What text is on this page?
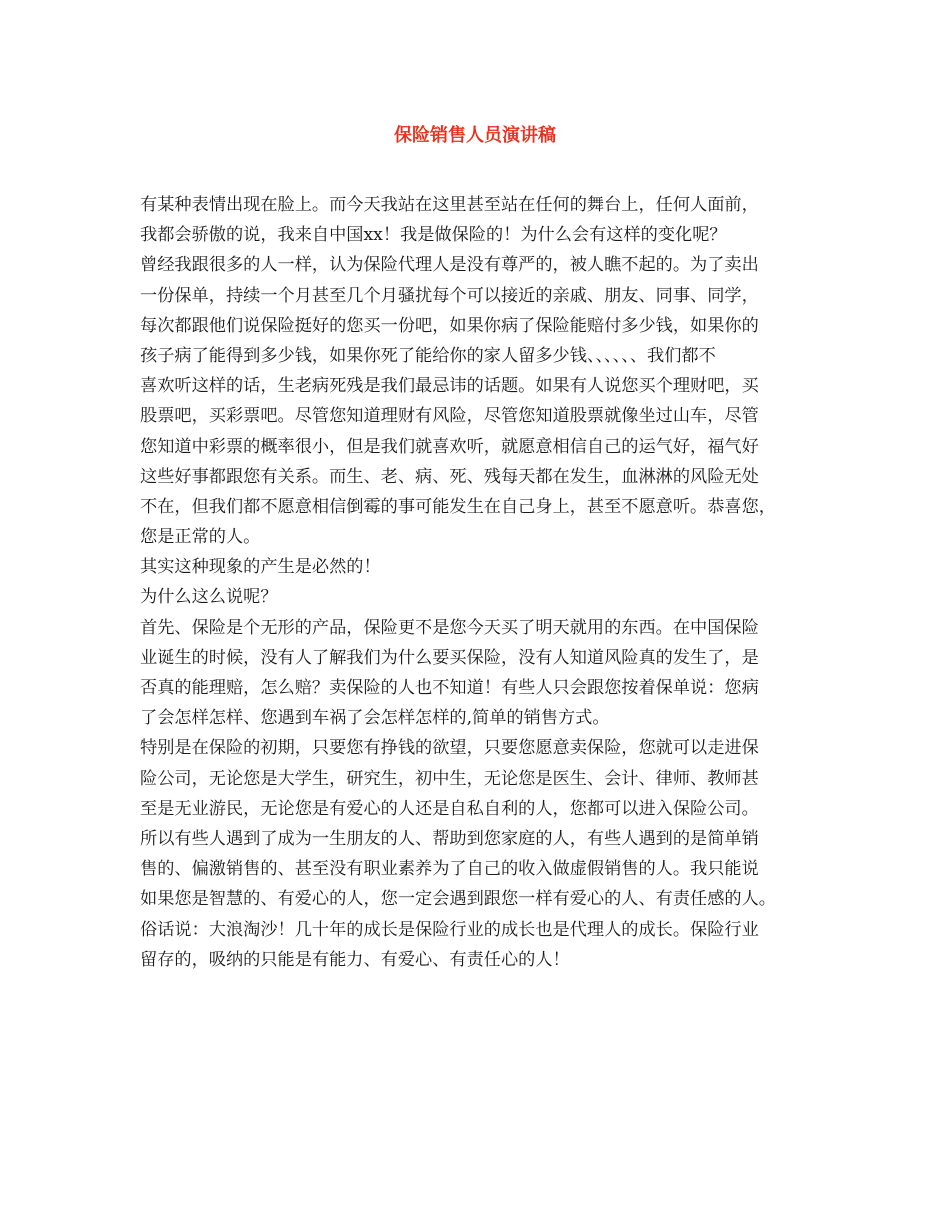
保险销售人员演讲稿
有某种表情出现在脸上。而今天我站在这里甚至站在任何的舞台上，任何人面前，
我都会骄傲的说，我来自中国xx！我是做保险的！为什么会有这样的变化呢？
曾经我跟很多的人一样，认为保险代理人是没有尊严的，被人瞧不起的。为了卖出
一份保单，持续一个月甚至几个月骚扰每个可以接近的亲戚、朋友、同事、同学，
每次都跟他们说保险挺好的您买一份吧，如果你病了保险能赔付多少钱，如果你的
孩子病了能得到多少钱，如果你死了能给你的家人留多少钱、、、、、、我们都不
喜欢听这样的话，生老病死残是我们最忌讳的话题。如果有人说您买个理财吧，买
股票吧，买彩票吧。尽管您知道理财有风险，尽管您知道股票就像坐过山车，尽管
您知道中彩票的概率很小，但是我们就喜欢听，就愿意相信自己的运气好，福气好
这些好事都跟您有关系。而生、老、病、死、残每天都在发生，血淋淋的风险无处
不在，但我们都不愿意相信倒霉的事可能发生在自己身上，甚至不愿意听。恭喜您，
您是正常的人。
其实这种现象的产生是必然的！
为什么这么说呢？
首先、保险是个无形的产品，保险更不是您今天买了明天就用的东西。在中国保险
业诞生的时候，没有人了解我们为什么要买保险，没有人知道风险真的发生了，是
否真的能理赔，怎么赔？卖保险的人也不知道！有些人只会跟您按着保单说：您病
了会怎样怎样、您遇到车祸了会怎样怎样的,简单的销售方式。
特别是在保险的初期，只要您有挣钱的欲望，只要您愿意卖保险，您就可以走进保
险公司，无论您是大学生，研究生，初中生，无论您是医生、会计、律师、教师甚
至是无业游民，无论您是有爱心的人还是自私自利的人，您都可以进入保险公司。
所以有些人遇到了成为一生朋友的人、帮助到您家庭的人，有些人遇到的是简单销
售的、偏激销售的、甚至没有职业素养为了自己的收入做虚假销售的人。我只能说
如果您是智慧的、有爱心的人，您一定会遇到跟您一样有爱心的人、有责任感的人。
俗话说：大浪淘沙！几十年的成长是保险行业的成长也是代理人的成长。保险行业
留存的，吸纳的只能是有能力、有爱心、有责任心的人！
